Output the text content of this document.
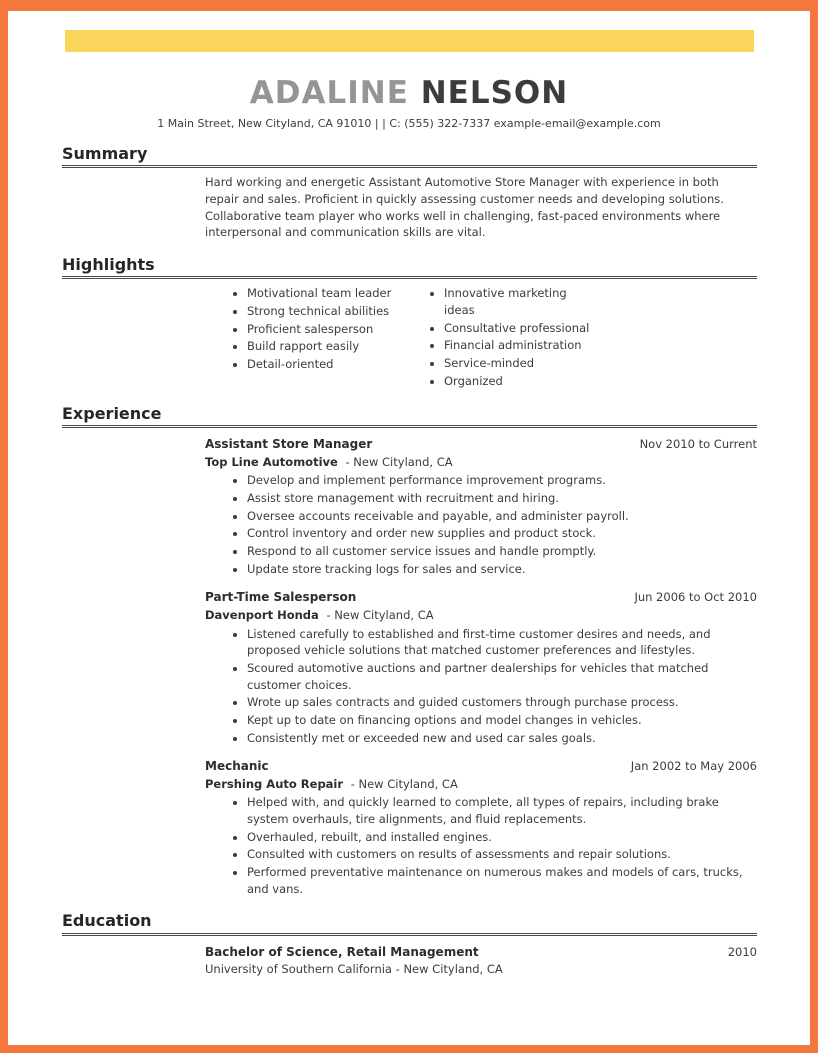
ADALINE NELSON
1 Main Street, New Cityland, CA 91010 | | C: (555) 322-7337 example-email@example.com
Summary

Hard working and energetic Assistant Automotive Store Manager with experience in both repair and sales. Proficient in quickly assessing customer needs and developing solutions. Collaborative team player who works well in challenging, fast-paced environments where interpersonal and communication skills are vital.

Highlights
• Motivational team leader
• Strong technical abilities
• Proficient salesperson
• Build rapport easily
• Detail-oriented
• Innovative marketing ideas
• Consultative professional
• Financial administration
• Service-minded
• Organized
Experience
Assistant Store Manager	Nov 2010 to Current
Top Line Automotive - New Cityland, CA
• Develop and implement performance improvement programs.
• Assist store management with recruitment and hiring.
• Oversee accounts receivable and payable, and administer payroll.
• Control inventory and order new supplies and product stock.
• Respond to all customer service issues and handle promptly.
• Update store tracking logs for sales and service.
Part-Time Salesperson	Jun 2006 to Oct 2010
Davenport Honda - New Cityland, CA
• Listened carefully to established and first-time customer desires and needs, and proposed vehicle solutions that matched customer preferences and lifestyles.
• Scoured automotive auctions and partner dealerships for vehicles that matched customer choices.
• Wrote up sales contracts and guided customers through purchase process.
• Kept up to date on financing options and model changes in vehicles.
• Consistently met or exceeded new and used car sales goals.
Mechanic	Jan 2002 to May 2006
Pershing Auto Repair - New Cityland, CA
• Helped with, and quickly learned to complete, all types of repairs, including brake system overhauls, tire alignments, and fluid replacements.
• Overhauled, rebuilt, and installed engines.
• Consulted with customers on results of assessments and repair solutions.
• Performed preventative maintenance on numerous makes and models of cars, trucks, and vans.
Education
Bachelor of Science, Retail Management	2010
University of Southern California - New Cityland, CA
